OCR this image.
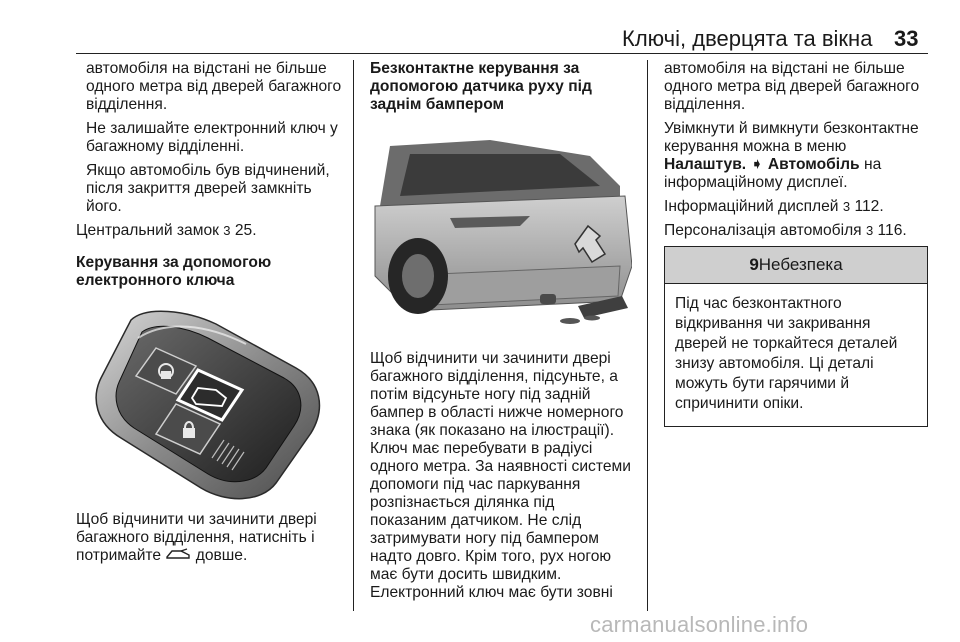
Ключі, дверцята та вікна 33

автомобіля на відстані не більше одного метра від дверей багажного відділення.

Не залишайте електронний ключ у багажному відділенні.

Якщо автомобіль був відчинений, після закриття дверей замкніть його.

Центральний замок 3 25.

Керування за допомогою електронного ключа

Щоб відчинити чи зачинити двері багажного відділення, натисніть і потримайте довше.

Безконтактне керування за допомогою датчика руху під заднім бампером

Щоб відчинити чи зачинити двері багажного відділення, підсуньте, а потім відсуньте ногу під задній бампер в області нижче номерного знака (як показано на ілюстрації). Ключ має перебувати в радіусі одного метра. За наявності системи допомоги під час паркування розпізнається ділянка під показаним датчиком. Не слід затримувати ногу під бампером надто довго. Крім того, рух ногою має бути досить швидким. Електронний ключ має бути зовні

автомобіля на відстані не більше одного метра від дверей багажного відділення.

Увімкнути й вимкнути безконтактне керування можна в меню Налаштув. ➧ Автомобіль на інформаційному дисплеї.

Інформаційний дисплей 3 112.

Персоналізація автомобіля 3 116.

9Небезпека
Під час безконтактного відкривання чи закривання дверей не торкайтеся деталей знизу автомобіля. Ці деталі можуть бути гарячими й спричинити опіки.
carmanualsonline.info
